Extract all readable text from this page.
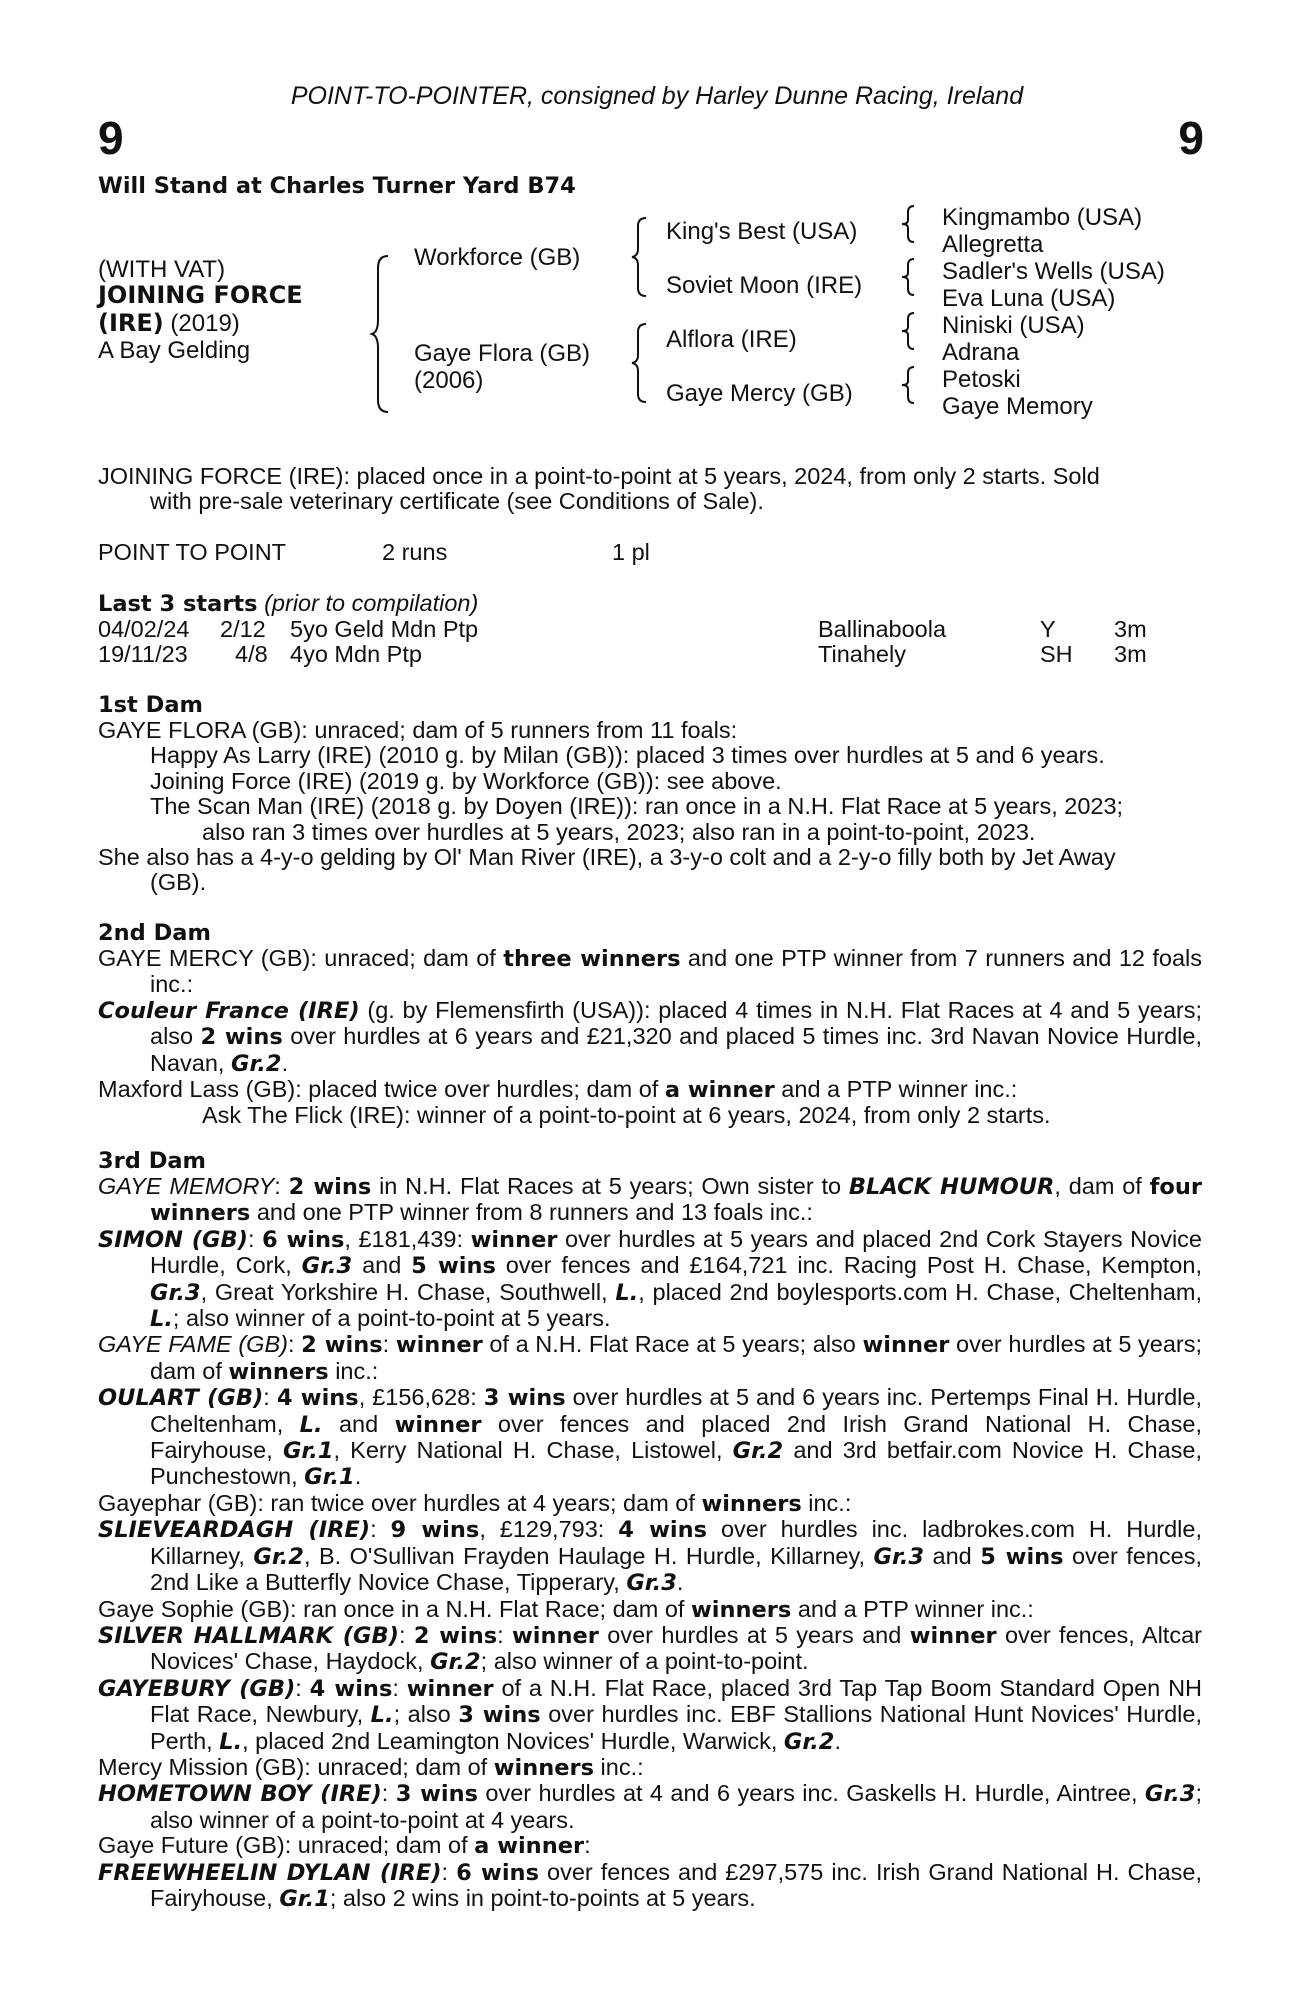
POINT-TO-POINTER, consigned by Harley Dunne Racing, Ireland
9	9
Will Stand at Charles Turner Yard B74
(WITH VAT)
JOINING FORCE
(IRE) (2019)
A Bay Gelding
Workforce (GB)
Gaye Flora (GB)
(2006)
King's Best (USA)
Soviet Moon (IRE)
Alflora (IRE)
Gaye Mercy (GB)
Kingmambo (USA)
Allegretta
Sadler's Wells (USA)
Eva Luna (USA)
Niniski (USA)
Adrana
Petoski
Gaye Memory
JOINING FORCE (IRE): placed once in a point-to-point at 5 years, 2024, from only 2 starts. Sold
with pre-sale veterinary certificate (see Conditions of Sale).
POINT TO POINT	2 runs	1 pl
Last 3 starts (prior to compilation)
04/02/24 2/12 5yo Geld Mdn Ptp	Ballinaboola	Y 3m
19/11/23 4/8 4yo Mdn Ptp	Tinahely	SH 3m
1st Dam
GAYE FLORA (GB): unraced; dam of 5 runners from 11 foals:
Happy As Larry (IRE) (2010 g. by Milan (GB)): placed 3 times over hurdles at 5 and 6 years.
Joining Force (IRE) (2019 g. by Workforce (GB)): see above.
The Scan Man (IRE) (2018 g. by Doyen (IRE)): ran once in a N.H. Flat Race at 5 years, 2023;
also ran 3 times over hurdles at 5 years, 2023; also ran in a point-to-point, 2023.
She also has a 4-y-o gelding by Ol' Man River (IRE), a 3-y-o colt and a 2-y-o filly both by Jet Away
(GB).
2nd Dam

GAYE MERCY (GB): unraced; dam of three winners and one PTP winner from 7 runners and 12 foals inc.:

Couleur France (IRE) (g. by Flemensfirth (USA)): placed 4 times in N.H. Flat Races at 4 and 5 years; also 2 wins over hurdles at 6 years and £21,320 and placed 5 times inc. 3rd Navan Novice Hurdle, Navan, Gr.2.

Maxford Lass (GB): placed twice over hurdles; dam of a winner and a PTP winner inc.:

Ask The Flick (IRE): winner of a point-to-point at 6 years, 2024, from only 2 starts.

3rd Dam

GAYE MEMORY: 2 wins in N.H. Flat Races at 5 years; Own sister to BLACK HUMOUR, dam of four winners and one PTP winner from 8 runners and 13 foals inc.:

SIMON (GB): 6 wins, £181,439: winner over hurdles at 5 years and placed 2nd Cork Stayers Novice Hurdle, Cork, Gr.3 and 5 wins over fences and £164,721 inc. Racing Post H. Chase, Kempton, Gr.3, Great Yorkshire H. Chase, Southwell, L., placed 2nd boylesports.com H. Chase, Cheltenham, L.; also winner of a point-to-point at 5 years.

GAYE FAME (GB): 2 wins: winner of a N.H. Flat Race at 5 years; also winner over hurdles at 5 years; dam of winners inc.:

OULART (GB): 4 wins, £156,628: 3 wins over hurdles at 5 and 6 years inc. Pertemps Final H. Hurdle, Cheltenham, L. and winner over fences and placed 2nd Irish Grand National H. Chase, Fairyhouse, Gr.1, Kerry National H. Chase, Listowel, Gr.2 and 3rd betfair.com Novice H. Chase, Punchestown, Gr.1.

Gayephar (GB): ran twice over hurdles at 4 years; dam of winners inc.:

SLIEVEARDAGH (IRE): 9 wins, £129,793: 4 wins over hurdles inc. ladbrokes.com H. Hurdle, Killarney, Gr.2, B. O'Sullivan Frayden Haulage H. Hurdle, Killarney, Gr.3 and 5 wins over fences, 2nd Like a Butterfly Novice Chase, Tipperary, Gr.3.

Gaye Sophie (GB): ran once in a N.H. Flat Race; dam of winners and a PTP winner inc.:

SILVER HALLMARK (GB): 2 wins: winner over hurdles at 5 years and winner over fences, Altcar Novices' Chase, Haydock, Gr.2; also winner of a point-to-point.

GAYEBURY (GB): 4 wins: winner of a N.H. Flat Race, placed 3rd Tap Tap Boom Standard Open NH Flat Race, Newbury, L.; also 3 wins over hurdles inc. EBF Stallions National Hunt Novices' Hurdle, Perth, L., placed 2nd Leamington Novices' Hurdle, Warwick, Gr.2.

Mercy Mission (GB): unraced; dam of winners inc.:

HOMETOWN BOY (IRE): 3 wins over hurdles at 4 and 6 years inc. Gaskells H. Hurdle, Aintree, Gr.3; also winner of a point-to-point at 4 years.

Gaye Future (GB): unraced; dam of a winner:

FREEWHEELIN DYLAN (IRE): 6 wins over fences and £297,575 inc. Irish Grand National H. Chase, Fairyhouse, Gr.1; also 2 wins in point-to-points at 5 years.
